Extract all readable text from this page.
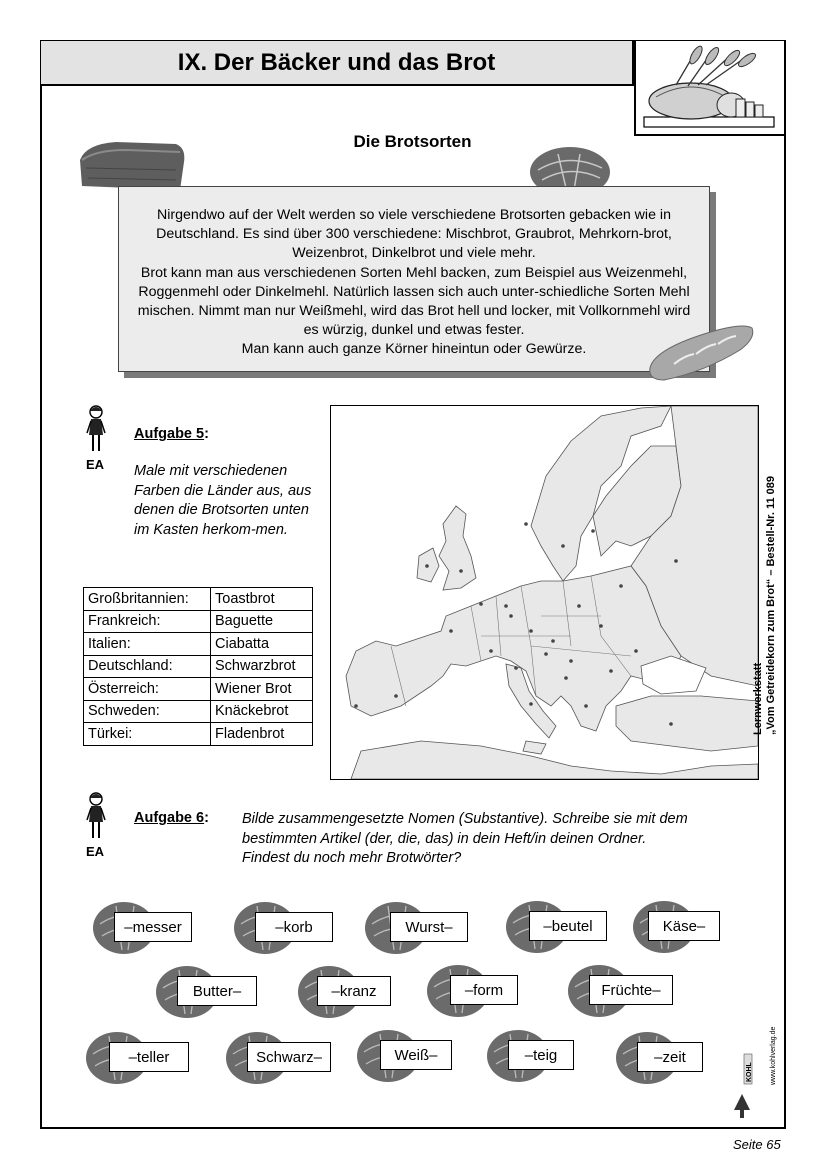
IX. Der Bäcker und das Brot
Die Brotsorten

Nirgendwo auf der Welt werden so viele verschiedene Brotsorten gebacken wie in Deutschland. Es sind über 300 verschiedene: Mischbrot, Graubrot, Mehrkorn-brot, Weizenbrot, Dinkelbrot und viele mehr.

Brot kann man aus verschiedenen Sorten Mehl backen, zum Beispiel aus Weizenmehl, Roggenmehl oder Dinkelmehl. Natürlich lassen sich auch unter-schiedliche Sorten Mehl mischen. Nimmt man nur Weißmehl, wird das Brot hell und locker, mit Vollkornmehl wird es würzig, dunkel und etwas fester.

Man kann auch ganze Körner hineintun oder Gewürze.

EA
Aufgabe 5:
Male mit verschiedenen Farben die Länder aus, aus denen die Brotsorten unten im Kasten herkom-men.
Großbritannien:	Toastbrot
Frankreich:	Baguette
Italien:	Ciabatta
Deutschland:	Schwarzbrot
Österreich:	Wiener Brot
Schweden:	Knäckebrot
Türkei:	Fladenbrot
EA
Aufgabe 6: Bilde zusammengesetzte Nomen (Substantive). Schreibe sie mit dem bestimmten Artikel (der, die, das) in dein Heft/in deinen Ordner. Findest du noch mehr Brotwörter?
–messer	–korb	Wurst–	–beutel	Käse–
Butter–	–kranz	–form	Früchte–
–teller	Schwarz–	Weiß–	–teig	–zeit
Lernwerkstatt „Vom Getreidekorn zum Brot“ – Bestell-Nr. 11 089
www.kohlverlag.de
KOHL
Seite 65
